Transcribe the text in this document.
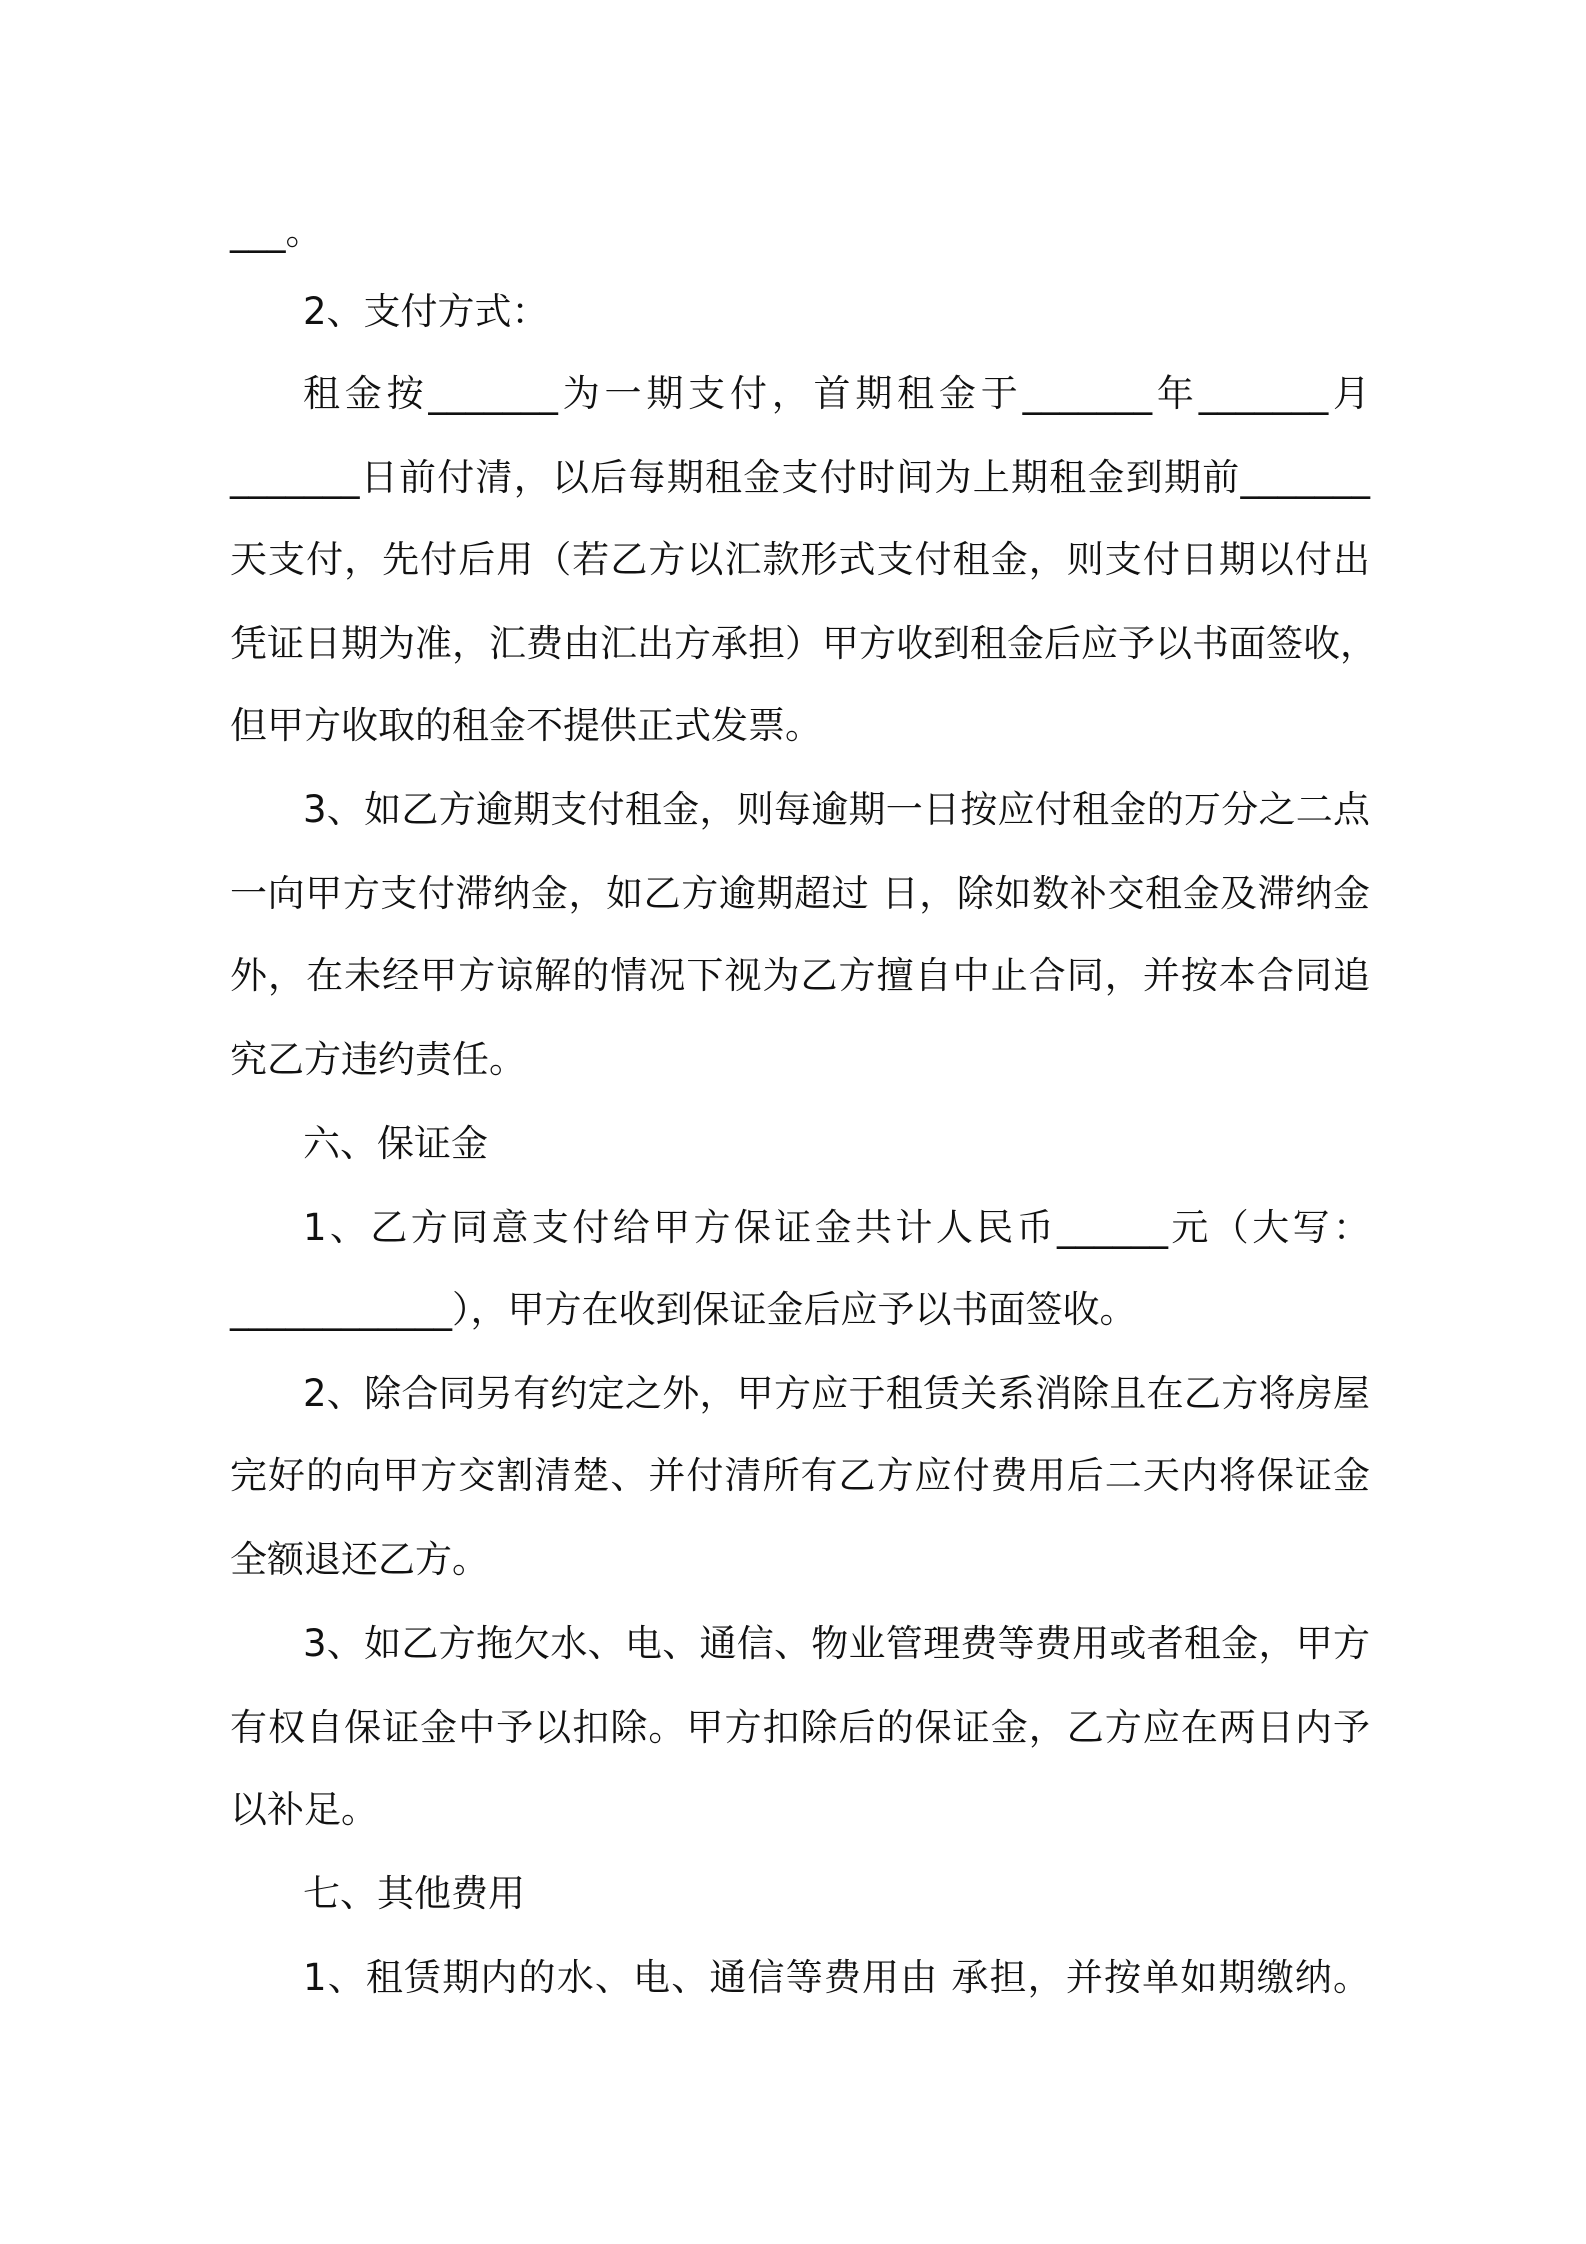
___。
2、支付方式：
租金按_______为一期支付，首期租金于_______年_______月
_______日前付清，以后每期租金支付时间为上期租金到期前_______
天支付，先付后用（若乙方以汇款形式支付租金，则支付日期以付出
凭证日期为准，汇费由汇出方承担）甲方收到租金后应予以书面签收，
但甲方收取的租金不提供正式发票。
3、如乙方逾期支付租金，则每逾期一日按应付租金的万分之二点
一向甲方支付滞纳金，如乙方逾期超过 日，除如数补交租金及滞纳金
外，在未经甲方谅解的情况下视为乙方擅自中止合同，并按本合同追
究乙方违约责任。
六、保证金
1、乙方同意支付给甲方保证金共计人民币______元（大写：
____________），甲方在收到保证金后应予以书面签收。
2、除合同另有约定之外，甲方应于租赁关系消除且在乙方将房屋
完好的向甲方交割清楚、并付清所有乙方应付费用后二天内将保证金
全额退还乙方。
3、如乙方拖欠水、电、通信、物业管理费等费用或者租金，甲方
有权自保证金中予以扣除。甲方扣除后的保证金，乙方应在两日内予
以补足。
七、其他费用
1、租赁期内的水、电、通信等费用由 承担，并按单如期缴纳。
